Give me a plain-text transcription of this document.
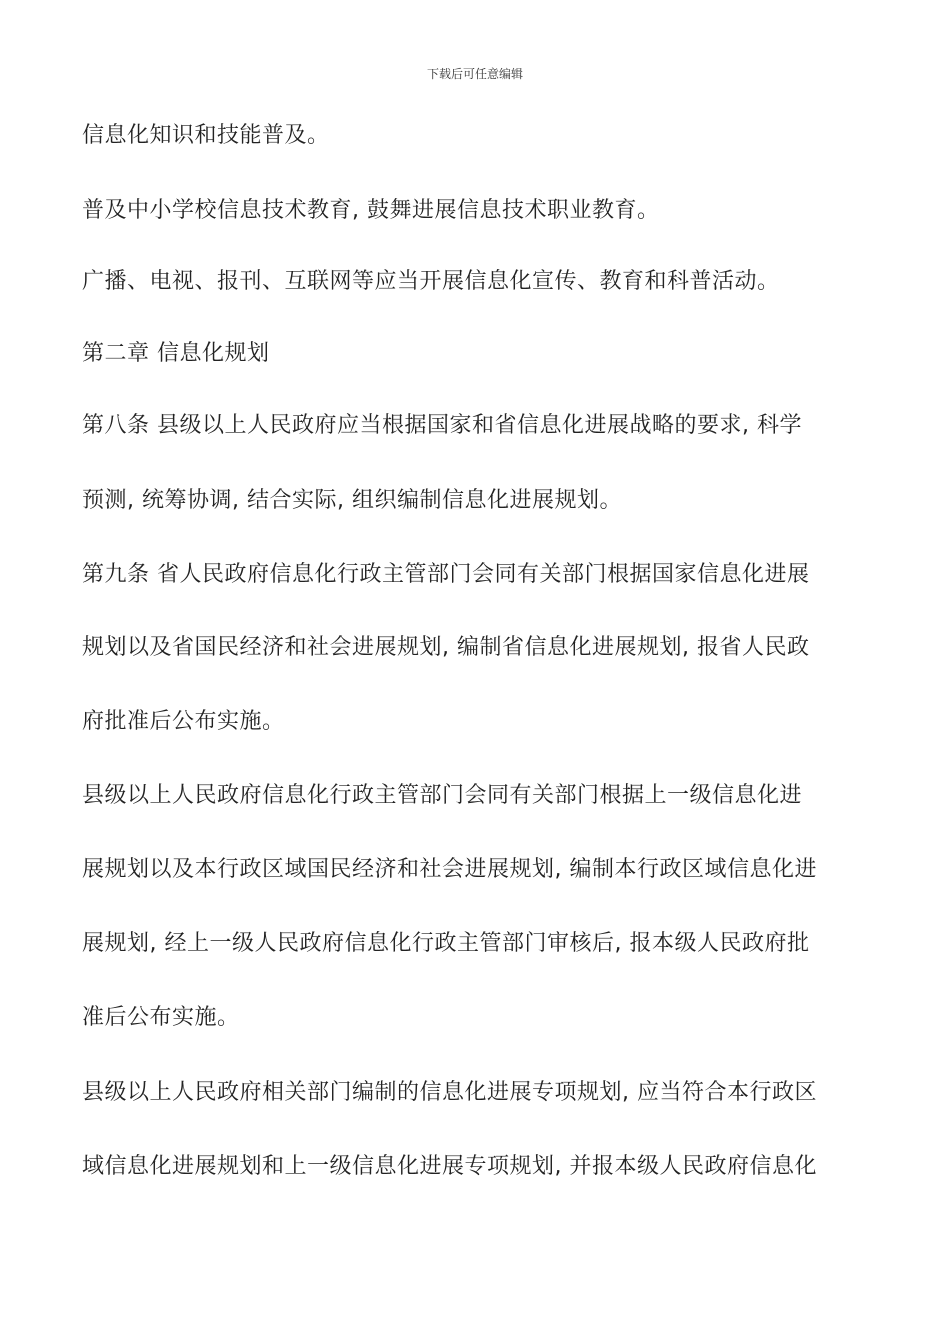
下载后可任意编辑
信息化知识和技能普及。
普及中小学校信息技术教育, 鼓舞进展信息技术职业教育。
广播、电视、报刊、互联网等应当开展信息化宣传、教育和科普活动。
第二章 信息化规划
第八条 县级以上人民政府应当根据国家和省信息化进展战略的要求, 科学
预测, 统筹协调, 结合实际, 组织编制信息化进展规划。
第九条 省人民政府信息化行政主管部门会同有关部门根据国家信息化进展
规划以及省国民经济和社会进展规划, 编制省信息化进展规划, 报省人民政
府批准后公布实施。
县级以上人民政府信息化行政主管部门会同有关部门根据上一级信息化进
展规划以及本行政区域国民经济和社会进展规划, 编制本行政区域信息化进
展规划, 经上一级人民政府信息化行政主管部门审核后, 报本级人民政府批
准后公布实施。
县级以上人民政府相关部门编制的信息化进展专项规划, 应当符合本行政区
域信息化进展规划和上一级信息化进展专项规划, 并报本级人民政府信息化
